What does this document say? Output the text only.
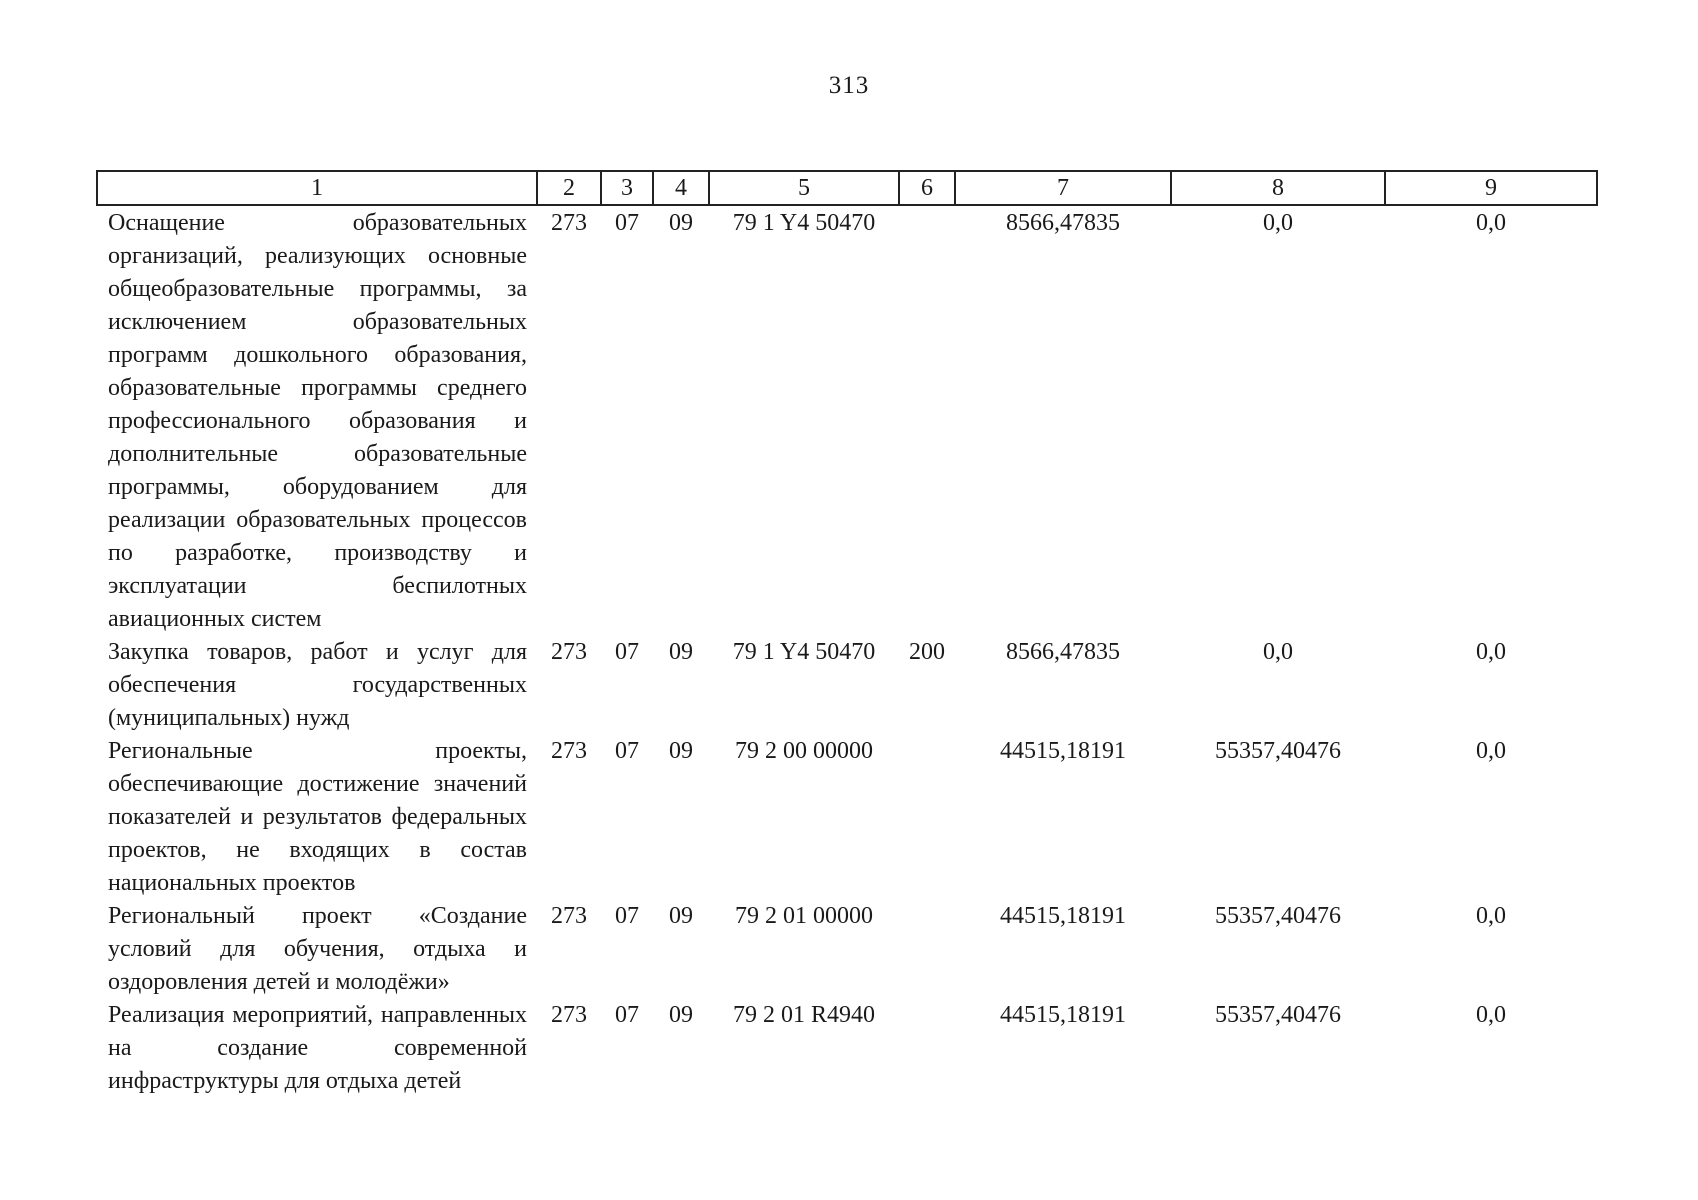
313
1	2	3	4	5	6	7	8	9
Оснащение образовательных организаций, реализующих основные общеобразовательные программы, за исключением образовательных программ дошкольного образования, образовательные программы среднего профессионального образования и дополнительные образовательные программы, оборудованием для реализации образовательных процессов по разработке, производству и эксплуатации беспилотных авиационных систем	273	07	09	79 1 Y4 50470		8566,47835	0,0	0,0
Закупка товаров, работ и услуг для обеспечения государственных (муниципальных) нужд	273	07	09	79 1 Y4 50470	200	8566,47835	0,0	0,0
Региональные проекты, обеспечивающие достижение значений показателей и результатов федеральных проектов, не входящих в состав национальных проектов	273	07	09	79 2 00 00000		44515,18191	55357,40476	0,0
Региональный проект «Создание условий для обучения, отдыха и оздоровления детей и молодёжи»	273	07	09	79 2 01 00000		44515,18191	55357,40476	0,0
Реализация мероприятий, направленных на создание современной инфраструктуры для отдыха детей	273	07	09	79 2 01 R4940		44515,18191	55357,40476	0,0
